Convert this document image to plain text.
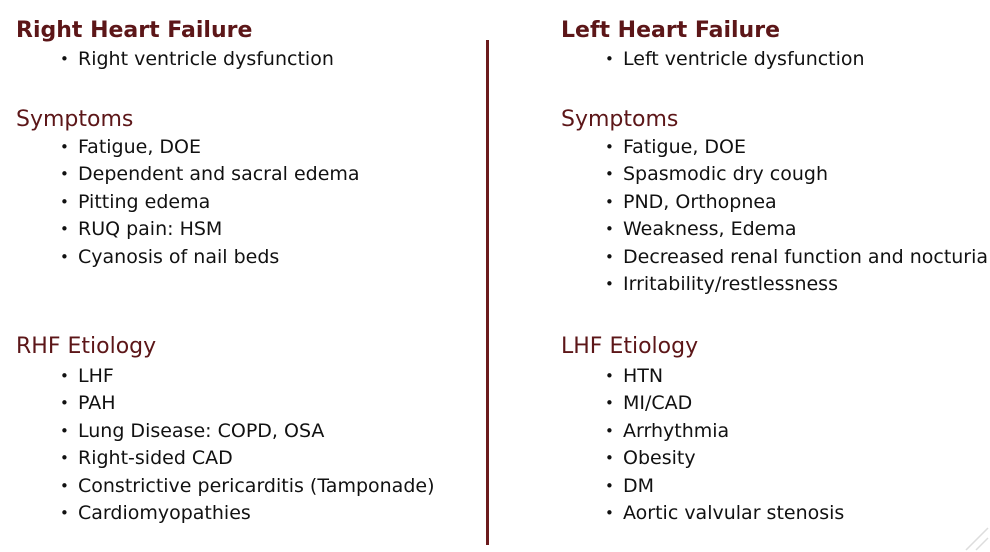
Right Heart Failure
• Right ventricle dysfunction
Symptoms
• Fatigue, DOE
• Dependent and sacral edema
• Pitting edema
• RUQ pain: HSM
• Cyanosis of nail beds
RHF Etiology
• LHF
• PAH
• Lung Disease: COPD, OSA
• Right-sided CAD
• Constrictive pericarditis (Tamponade)
• Cardiomyopathies
Left Heart Failure
• Left ventricle dysfunction
Symptoms
• Fatigue, DOE
• Spasmodic dry cough
• PND, Orthopnea
• Weakness, Edema
• Decreased renal function and nocturia
• Irritability/restlessness
LHF Etiology
• HTN
• MI/CAD
• Arrhythmia
• Obesity
• DM
• Aortic valvular stenosis
